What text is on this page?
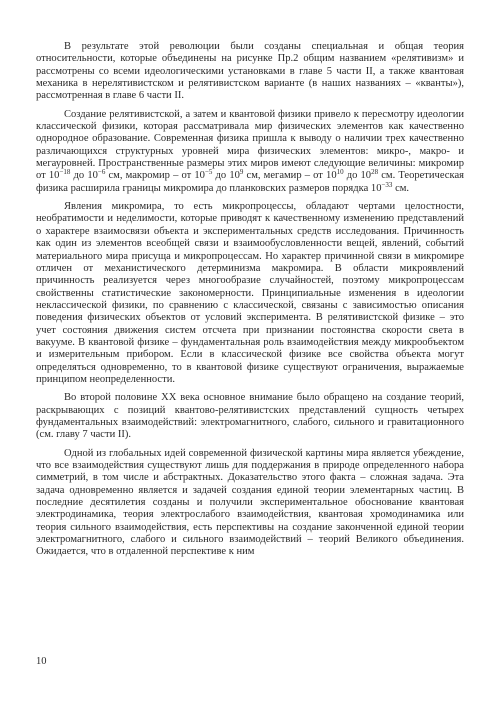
В результате этой революции были созданы специальная и общая теория относительности, которые объединены на рисунке Пр.2 общим названием «релятивизм» и рассмотрены со всеми идеологическими установками в главе 5 части II, а также квантовая механика в нерелятивистском и релятивистском варианте (в наших названиях – «кванты»), рассмотренная в главе 6 части II.

Создание релятивистской, а затем и квантовой физики привело к пересмотру идеологии классической физики, которая рассматривала мир физических элементов как качественно однородное образование. Современная физика пришла к выводу о наличии трех качественно различающихся структурных уровней мира физических элементов: микро-, макро- и мегауровней. Пространственные размеры этих миров имеют следующие величины: микромир от $10^{-18}$ до $10^{-6}$ см, макромир – от $10^{-5}$ до $10^9$ см, мегамир – от $10^{10}$ до $10^{28}$ см. Теоретическая физика расширила границы микромира до планковских размеров порядка $10^{-33}$ см.

Явления микромира, то есть микропроцессы, обладают чертами целостности, необратимости и неделимости, которые приводят к качественному изменению представлений о характере взаимосвязи объекта и экспериментальных средств исследования. Причинность как один из элементов всеобщей связи и взаимообусловленности вещей, явлений, событий материального мира присуща и микропроцессам. Но характер причинной связи в микромире отличен от механистического детерминизма макромира. В области микроявлений причинность реализуется через многообразие случайностей, поэтому микропроцессам свойственны статистические закономерности. Принципиальные изменения в идеологии неклассической физики, по сравнению с классической, связаны с зависимостью описания поведения физических объектов от условий эксперимента. В релятивистской физике – это учет состояния движения систем отсчета при признании постоянства скорости света в вакууме. В квантовой физике – фундаментальная роль взаимодействия между микрообъектом и измерительным прибором. Если в классической физике все свойства объекта могут определяться одновременно, то в квантовой физике существуют ограничения, выражаемые принципом неопределенности.

Во второй половине XX века основное внимание было обращено на создание теорий, раскрывающих с позиций квантово-релятивистских представлений сущность четырех фундаментальных взаимодействий: электромагнитного, слабого, сильного и гравитационного (см. главу 7 части II).

Одной из глобальных идей современной физической картины мира является убеждение, что все взаимодействия существуют лишь для поддержания в природе определенного набора симметрий, в том числе и абстрактных. Доказательство этого факта – сложная задача. Эта задача одновременно является и задачей создания единой теории элементарных частиц. В последние десятилетия созданы и получили экспериментальное обоснование квантовая электродинамика, теория электрослабого взаимодействия, квантовая хромодинамика или теория сильного взаимодействия, есть перспективы на создание законченной единой теории электромагнитного, слабого и сильного взаимодействий – теорий Великого объединения. Ожидается, что в отдаленной перспективе к ним

10
